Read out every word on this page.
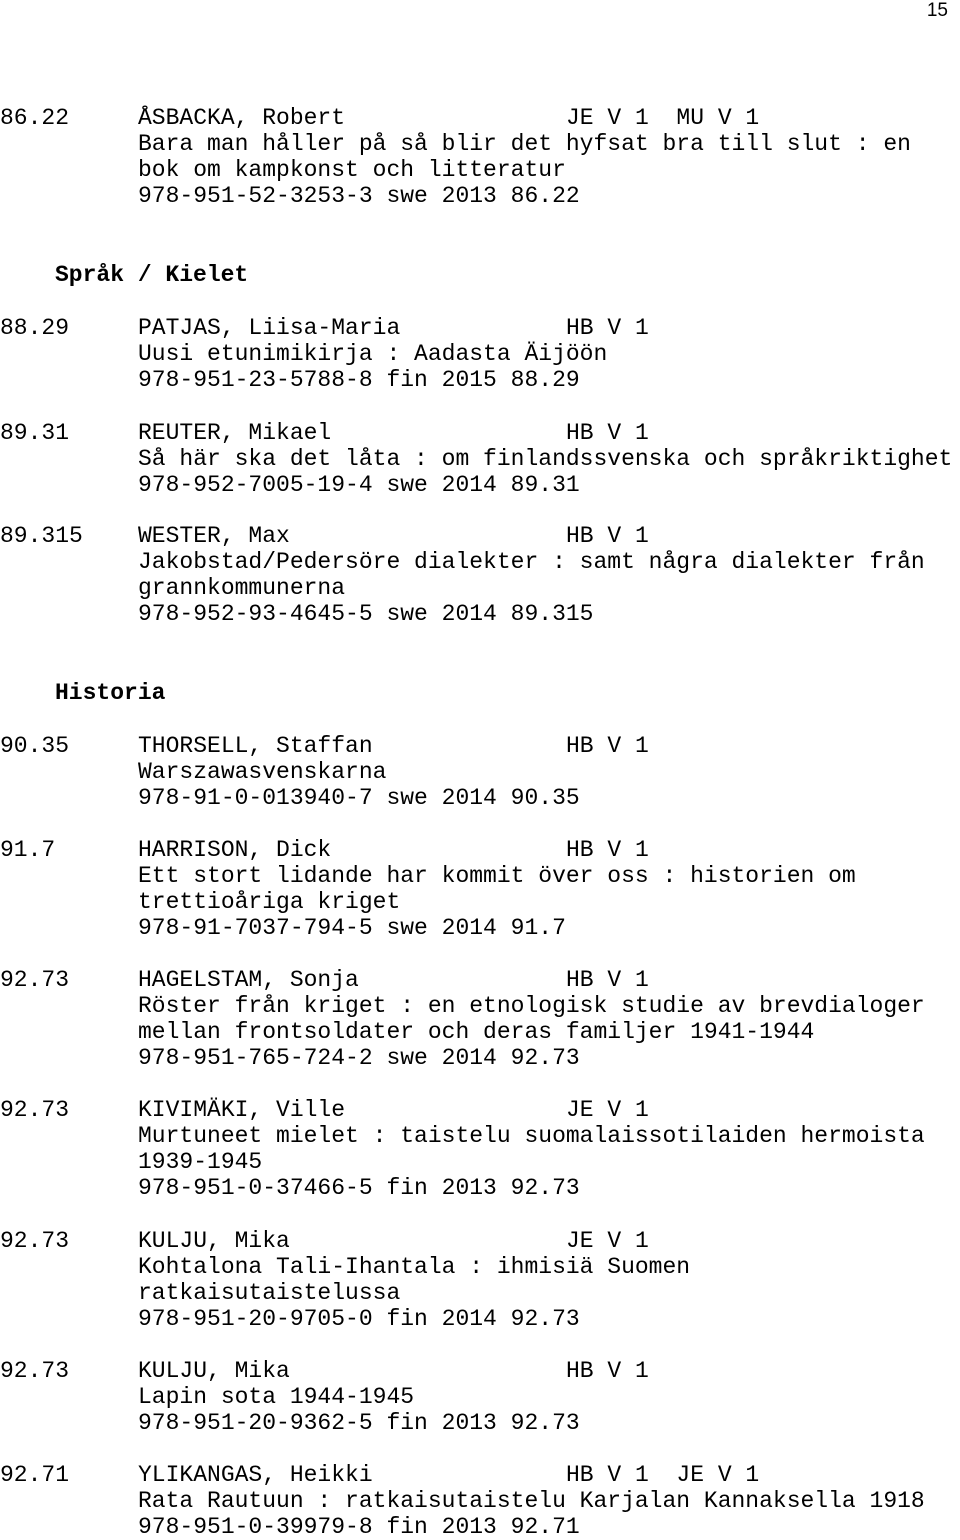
15
86.22	ÅSBACKA, Robert	JE V 1  MU V 1
Bara man håller på så blir det hyfsat bra till slut : en
bok om kampkonst och litteratur
978-951-52-3253-3 swe 2013 86.22
Språk / Kielet
88.29	PATJAS, Liisa-Maria	HB V 1
Uusi etunimikirja : Aadasta Äijöön
978-951-23-5788-8 fin 2015 88.29
89.31	REUTER, Mikael	HB V 1
Så här ska det låta : om finlandssvenska och språkriktighet
978-952-7005-19-4 swe 2014 89.31
89.315 WESTER, Max	HB V 1
Jakobstad/Pedersöre dialekter : samt några dialekter från
grannkommunerna
978-952-93-4645-5 swe 2014 89.315
Historia
90.35	THORSELL, Staffan	HB V 1
Warszawasvenskarna
978-91-0-013940-7 swe 2014 90.35
91.7	HARRISON, Dick	HB V 1
Ett stort lidande har kommit över oss : historien om
trettioåriga kriget
978-91-7037-794-5 swe 2014 91.7
92.73	HAGELSTAM, Sonja	HB V 1
Röster från kriget : en etnologisk studie av brevdialoger
mellan frontsoldater och deras familjer 1941-1944
978-951-765-724-2 swe 2014 92.73
92.73	KIVIMÄKI, Ville	JE V 1
Murtuneet mielet : taistelu suomalaissotilaiden hermoista
1939-1945
978-951-0-37466-5 fin 2013 92.73
92.73	KULJU, Mika	JE V 1
Kohtalona Tali-Ihantala : ihmisiä Suomen
ratkaisutaistelussa
978-951-20-9705-0 fin 2014 92.73
92.73	KULJU, Mika	HB V 1
Lapin sota 1944-1945
978-951-20-9362-5 fin 2013 92.73
92.71	YLIKANGAS, Heikki	HB V 1  JE V 1
Rata Rautuun : ratkaisutaistelu Karjalan Kannaksella 1918
978-951-0-39979-8 fin 2013 92.71
